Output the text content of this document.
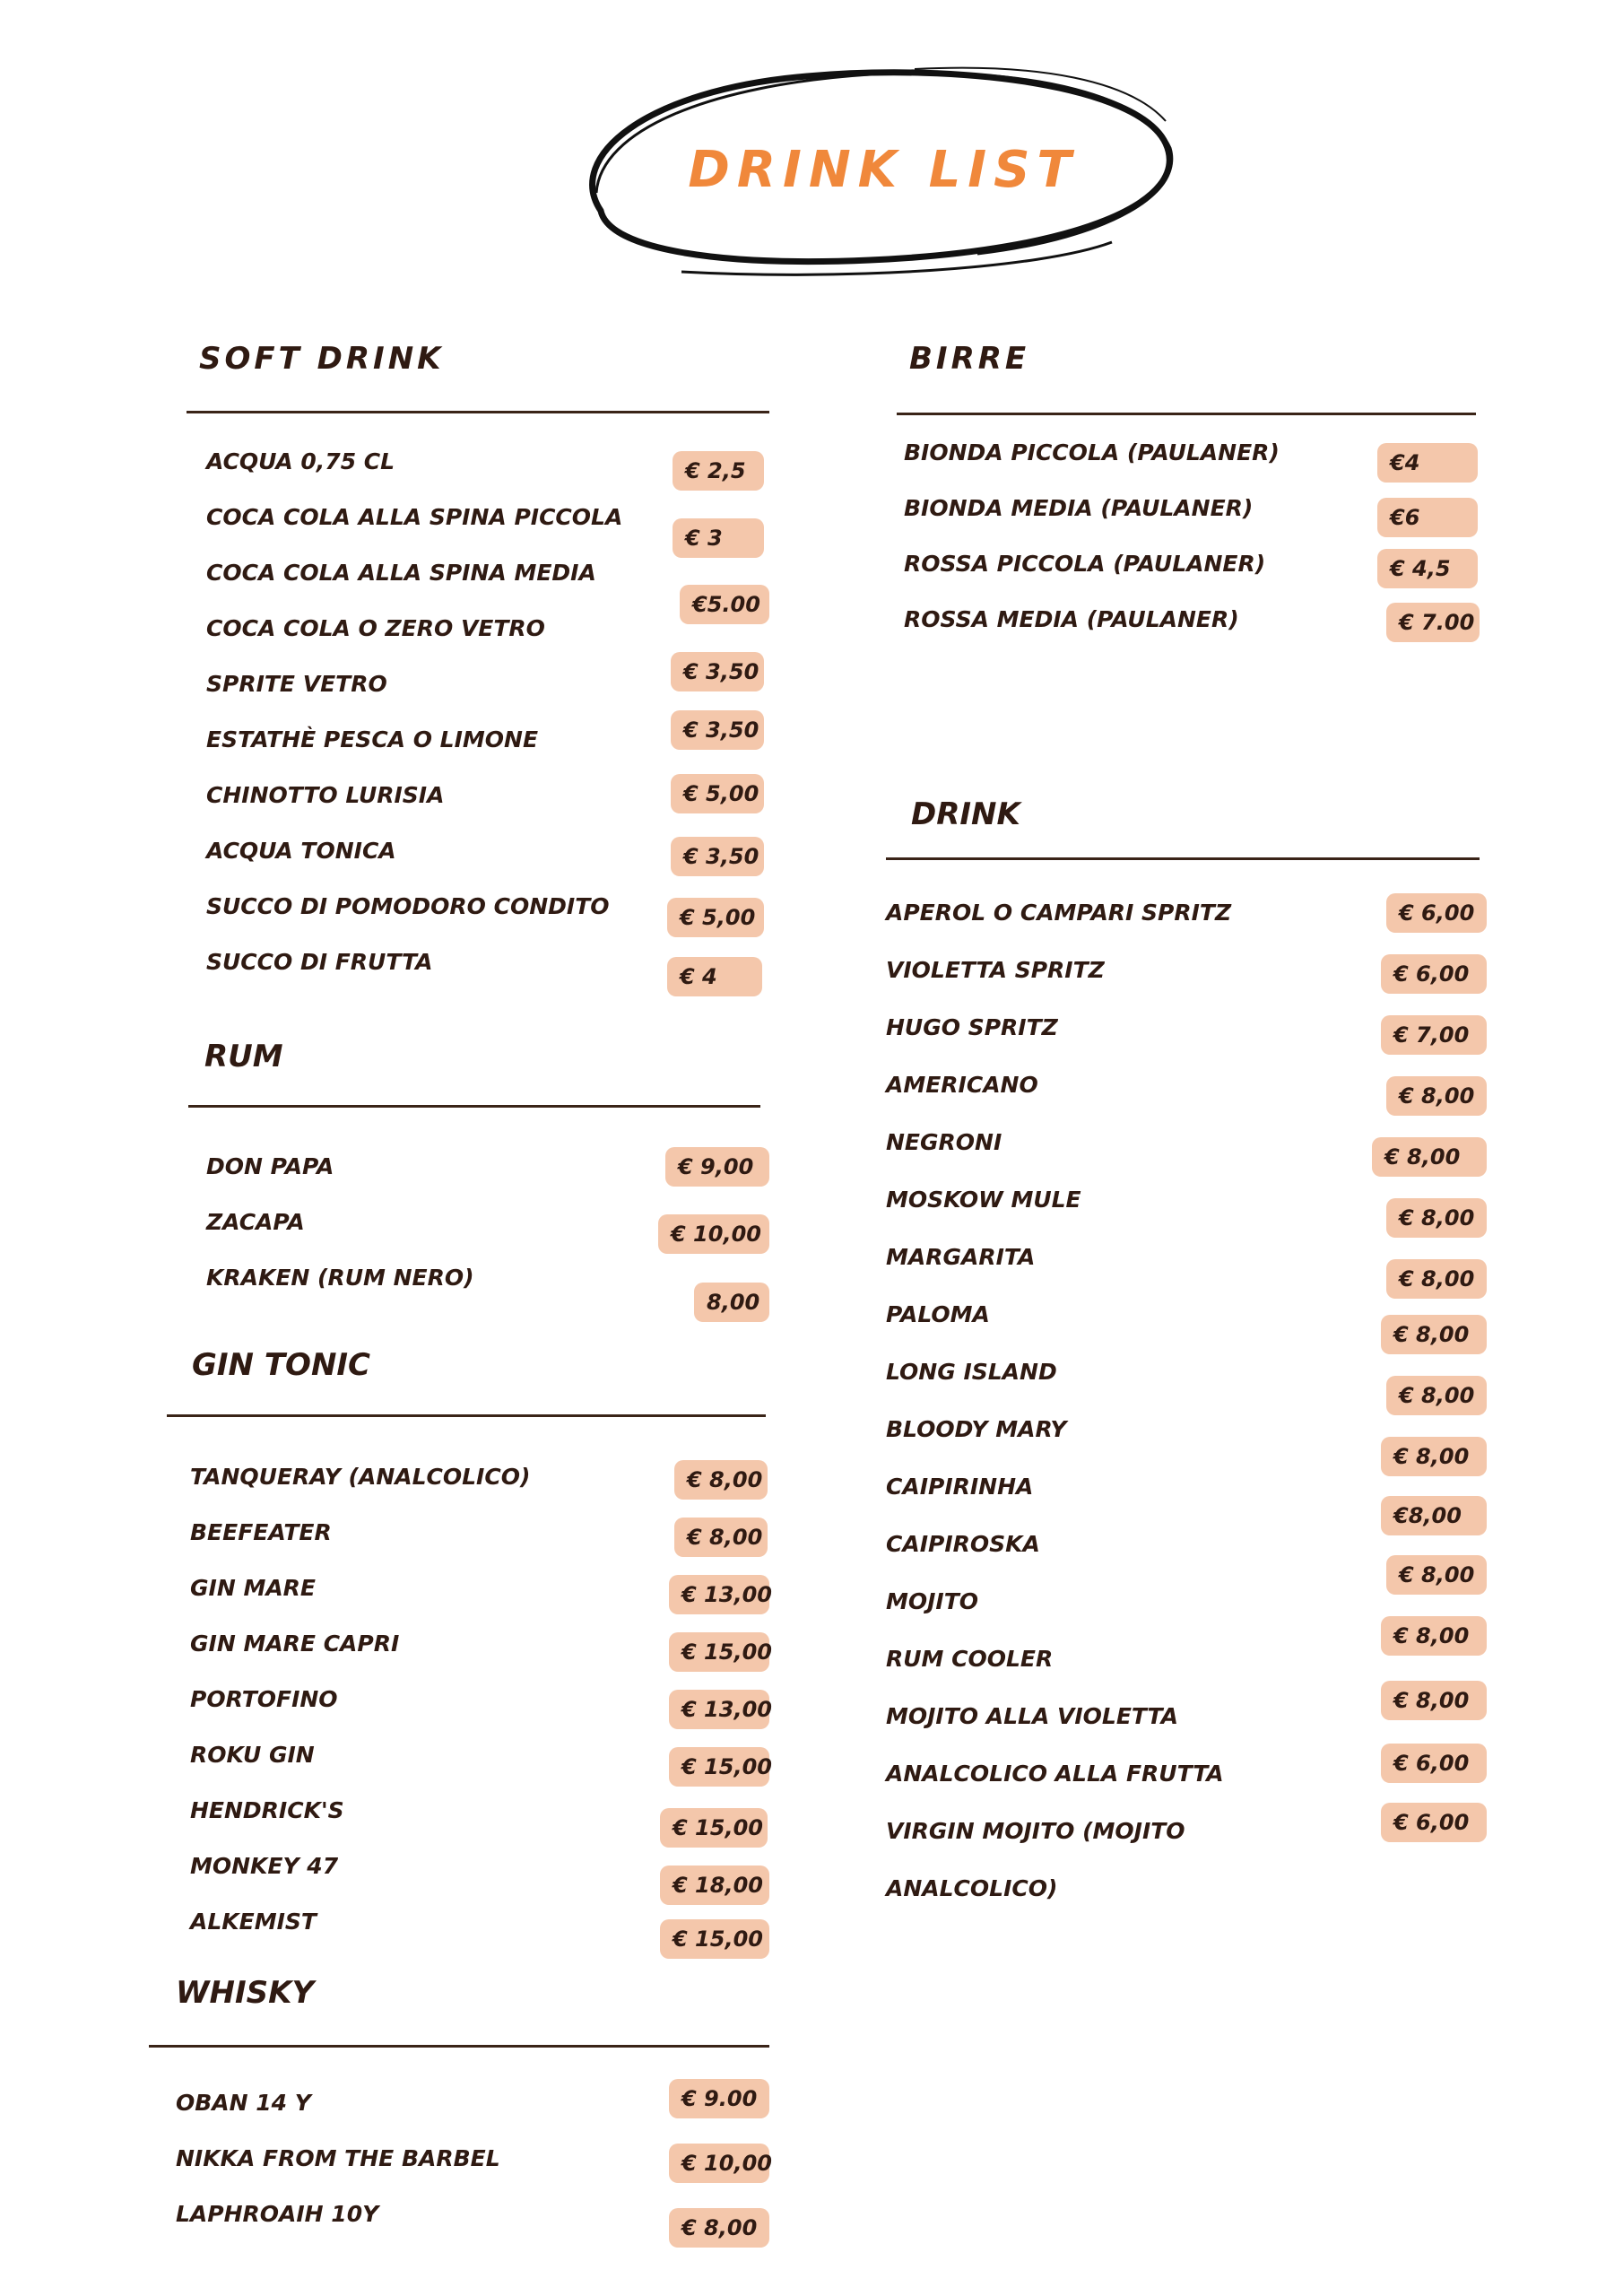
DRINK LIST
SOFT DRINK
ACQUA 0,75 CL
COCA COLA ALLA SPINA PICCOLA
COCA COLA ALLA SPINA MEDIA
COCA COLA O ZERO VETRO
SPRITE VETRO
ESTATHÈ PESCA O LIMONE
CHINOTTO LURISIA
ACQUA TONICA
SUCCO DI POMODORO CONDITO
SUCCO DI FRUTTA
€ 2,5
€ 3
€5.00
€ 3,50
€ 3,50
€ 5,00
€ 3,50
€ 5,00
€ 4
RUM
DON PAPA
ZACAPA
KRAKEN (RUM NERO)
€ 9,00
€ 10,00
8,00
GIN TONIC
TANQUERAY (ANALCOLICO)
BEEFEATER
GIN MARE
GIN MARE CAPRI
PORTOFINO
ROKU GIN
HENDRICK'S
MONKEY 47
ALKEMIST
€ 8,00
€ 8,00
€ 13,00
€ 15,00
€ 13,00
€ 15,00
€ 15,00
€ 18,00
€ 15,00
WHISKY
OBAN 14 Y
NIKKA FROM THE BARBEL
LAPHROAIH 10Y
€ 9.00
€ 10,00
€ 8,00
BIRRE
BIONDA PICCOLA (PAULANER)
BIONDA MEDIA (PAULANER)
ROSSA PICCOLA (PAULANER)
ROSSA MEDIA (PAULANER)
€4
€6
€ 4,5
€ 7.00
DRINK
APEROL O CAMPARI SPRITZ
VIOLETTA SPRITZ
HUGO SPRITZ
AMERICANO
NEGRONI
MOSKOW MULE
MARGARITA
PALOMA
LONG ISLAND
BLOODY MARY
CAIPIRINHA
CAIPIROSKA
MOJITO
RUM COOLER
MOJITO ALLA VIOLETTA
ANALCOLICO ALLA FRUTTA
VIRGIN MOJITO (MOJITO
ANALCOLICO)
€ 6,00
€ 6,00
€ 7,00
€ 8,00
€ 8,00
€ 8,00
€ 8,00
€ 8,00
€ 8,00
€ 8,00
€8,00
€ 8,00
€ 8,00
€ 8,00
€ 6,00
€ 6,00
